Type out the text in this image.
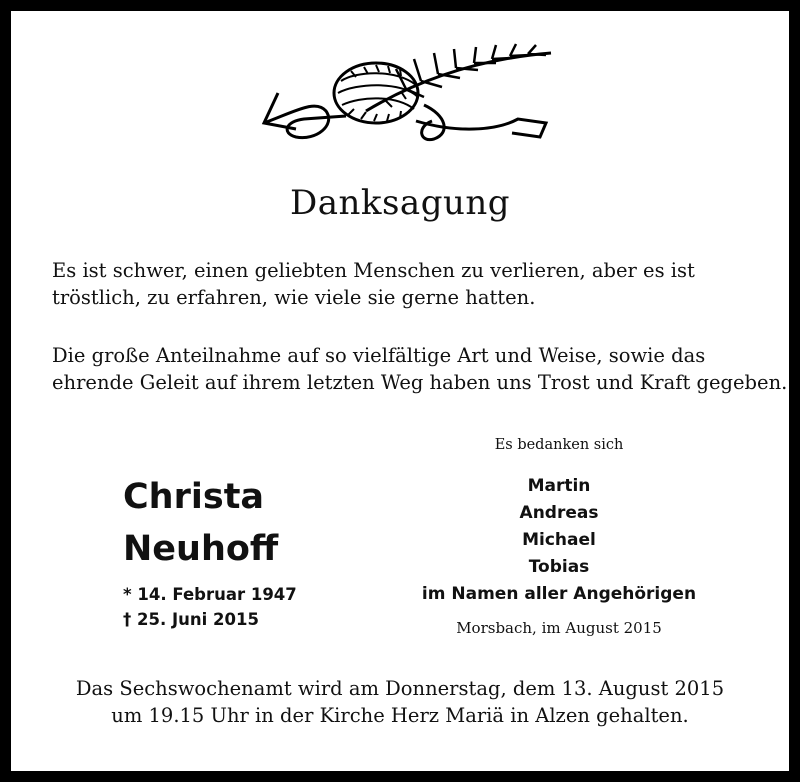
Danksagung
Es ist schwer, einen geliebten Menschen zu verlieren, aber es ist
tröstlich, zu erfahren, wie viele sie gerne hatten.
Die große Anteilnahme auf so vielfältige Art und Weise, sowie das
ehrende Geleit auf ihrem letzten Weg haben uns Trost und Kraft gegeben.
Christa
Neuhoff
* 14. Februar 1947
† 25. Juni 2015
Es bedanken sich
Martin
Andreas
Michael
Tobias
im Namen aller Angehörigen
Morsbach, im August 2015
Das Sechswochenamt wird am Donnerstag, dem 13. August 2015
um 19.15 Uhr in der Kirche Herz Mariä in Alzen gehalten.
